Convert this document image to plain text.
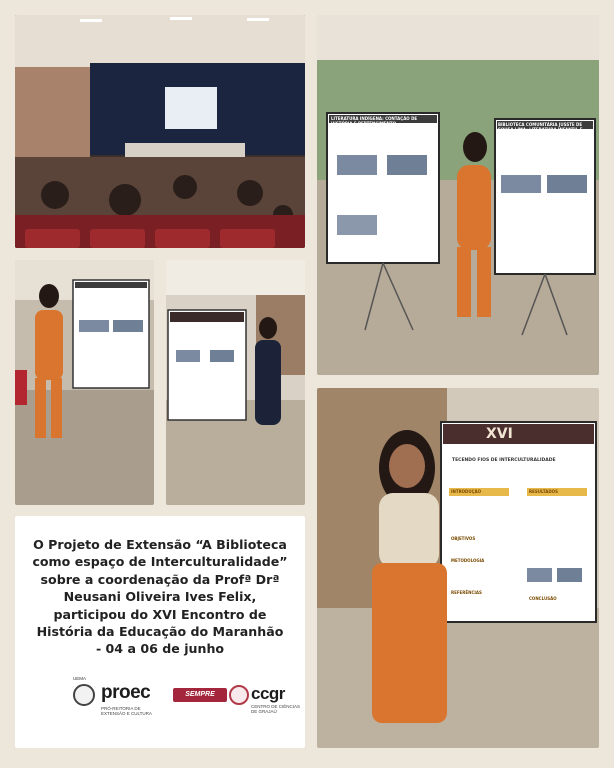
O Projeto de Extensão “A Biblioteca
como espaço de Interculturalidade”
sobre a coordenação da Profª Drª
Neusani Oliveira Ives Felix,
participou do XVI Encontro de
História da Educação do Maranhão
- 04 a 06 de junho
UEMA
proec
PRÓ-REITORIA DE EXTENSÃO E CULTURA
SEMPRE	ccgr
CENTRO DE CIÊNCIAS DE GRAJAÚ
LITERATURA INDÍGENA: CONTAÇÃO DE HISTÓRIA E PERTENCIMENTO	BIBLIOTECA COMUNITÁRIA JUSSTE DE SOUSA LIMA: LITERATURA INFANTIL E INTERCULTURALIDADE
XVI
TECENDO FIOS DE INTERCULTURALIDADE
INTRODUÇÃO	RESULTADOS
OBJETIVOS
METODOLOGIA
REFERÊNCIAS
CONCLUSÃO
